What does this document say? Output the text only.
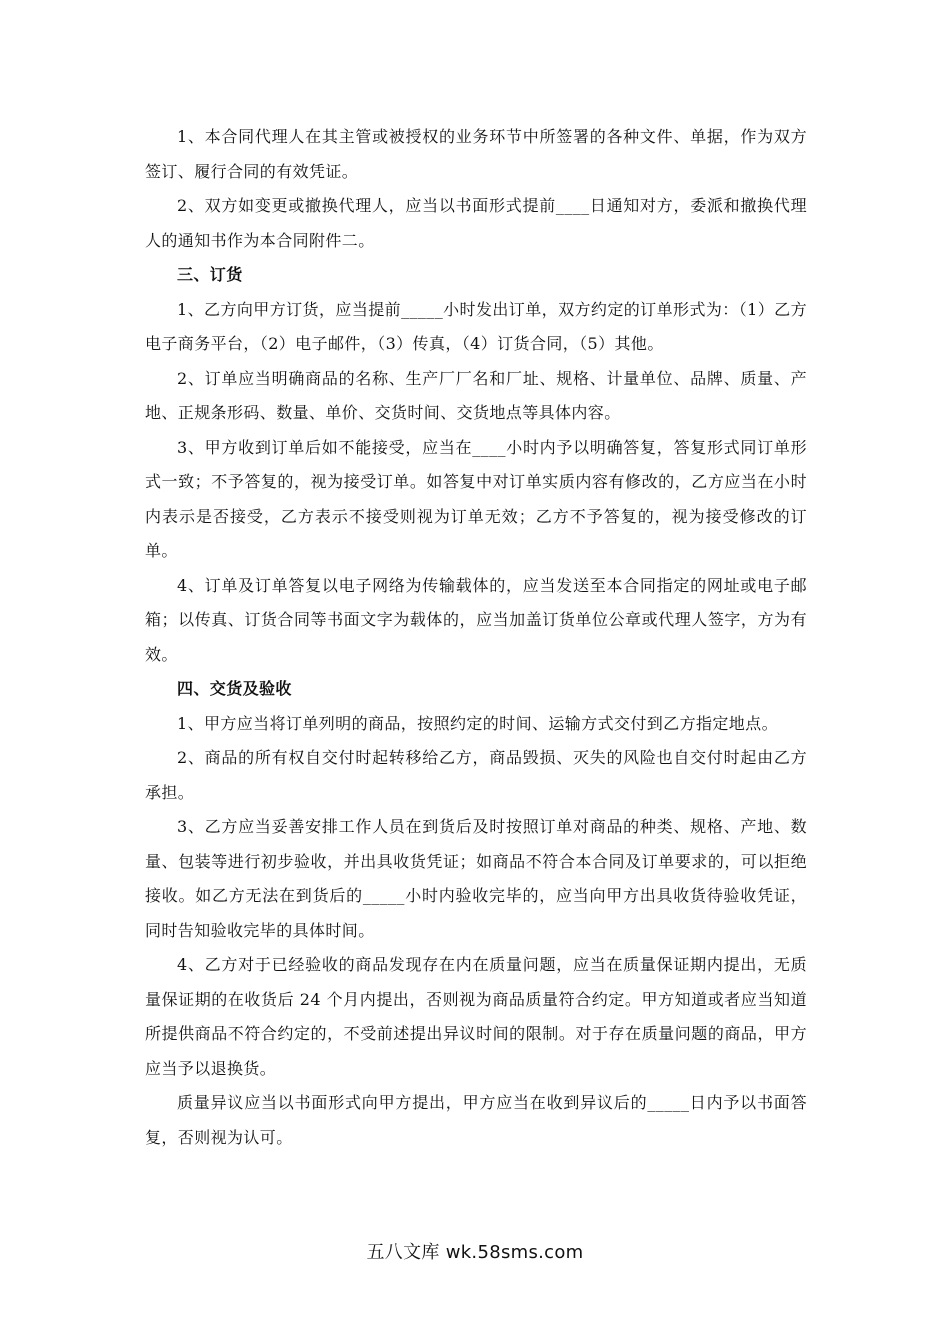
1、本合同代理人在其主管或被授权的业务环节中所签署的各种文件、单据，作为双方签订、履行合同的有效凭证。

2、双方如变更或撤换代理人，应当以书面形式提前____日通知对方，委派和撤换代理人的通知书作为本合同附件二。

三、订货

1、乙方向甲方订货，应当提前_____小时发出订单，双方约定的订单形式为：（1）乙方电子商务平台，（2）电子邮件，（3）传真，（4）订货合同，（5）其他。

2、订单应当明确商品的名称、生产厂厂名和厂址、规格、计量单位、品牌、质量、产地、正规条形码、数量、单价、交货时间、交货地点等具体内容。

3、甲方收到订单后如不能接受，应当在____小时内予以明确答复，答复形式同订单形式一致；不予答复的，视为接受订单。如答复中对订单实质内容有修改的，乙方应当在小时内表示是否接受，乙方表示不接受则视为订单无效；乙方不予答复的，视为接受修改的订单。

4、订单及订单答复以电子网络为传输载体的，应当发送至本合同指定的网址或电子邮箱；以传真、订货合同等书面文字为载体的，应当加盖订货单位公章或代理人签字，方为有效。

四、交货及验收

1、甲方应当将订单列明的商品，按照约定的时间、运输方式交付到乙方指定地点。

2、商品的所有权自交付时起转移给乙方，商品毁损、灭失的风险也自交付时起由乙方承担。

3、乙方应当妥善安排工作人员在到货后及时按照订单对商品的种类、规格、产地、数量、包装等进行初步验收，并出具收货凭证；如商品不符合本合同及订单要求的，可以拒绝接收。如乙方无法在到货后的_____小时内验收完毕的，应当向甲方出具收货待验收凭证，同时告知验收完毕的具体时间。

4、乙方对于已经验收的商品发现存在内在质量问题，应当在质量保证期内提出，无质量保证期的在收货后 24 个月内提出，否则视为商品质量符合约定。甲方知道或者应当知道所提供商品不符合约定的，不受前述提出异议时间的限制。对于存在质量问题的商品，甲方应当予以退换货。

质量异议应当以书面形式向甲方提出，甲方应当在收到异议后的_____日内予以书面答复，否则视为认可。

五八文库 wk.58sms.com
